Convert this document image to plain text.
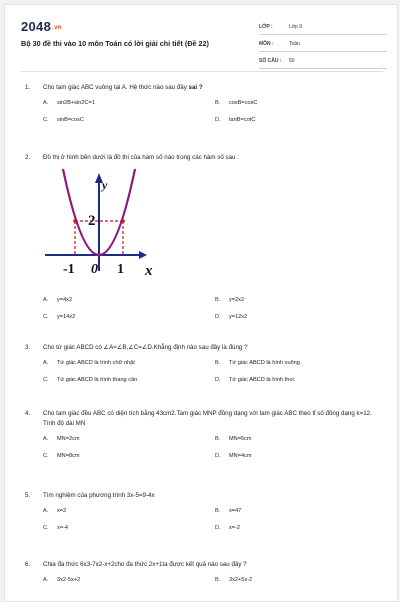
2048.vn
Bộ 30 đề thi vào 10 môn Toán có lời giải chi tiết (Đề 22)
LỚP :	Lớp 9
MÔN :	Toán
SỐ CÂU :	50
1.	Cho tam giác ABC vuông tại A. Hệ thức nào sau đây sai ?
A.	sin2B+sin2C=1	B.	cosB=cosC
C.	sinB=cosC	D.	tanB=cotC
2.	Đồ thị ở hình bên dưới là đồ thị của hàm số nào trong các hàm số sau :
2
y
x
-1 0 1
A.	y=4x2	B.	y=2x2
C.	y=14x2	D.	y=12x2
3.	Cho tứ giác ABCD có ∠A=∠B,∠C=∠D.Khẳng định nào sau đây là đúng ?
A.	Tứ giác ABCD là hình chữ nhật	B.	Tứ giác ABCD là hình vuông
C.	Tứ giác ABCD là hình thang cân	D.	Tứ giác ABCD là hình thoi.
4.	Cho tam giác đều ABC có diện tích bằng 43cm2.Tam giác MNP đồng dạng với tam giác ABC theo tỉ số đồng dạng k=12. Tính độ dài MN
A.	MN=2cm	B.	MN=6cm
C.	MN=8cm	D.	MN=4cm
5.	Tìm nghiệm của phương trình 3x-5=9-4x
A.	x=2	B.	x=47
C.	x=-4	D.	x=-2
6.	Chia đa thức 6x3-7x2-x+2cho đa thức 2x+1ta được kết quả nào sau đây ?
A.	3x2-5x+2	B.	3x2+5x-2
